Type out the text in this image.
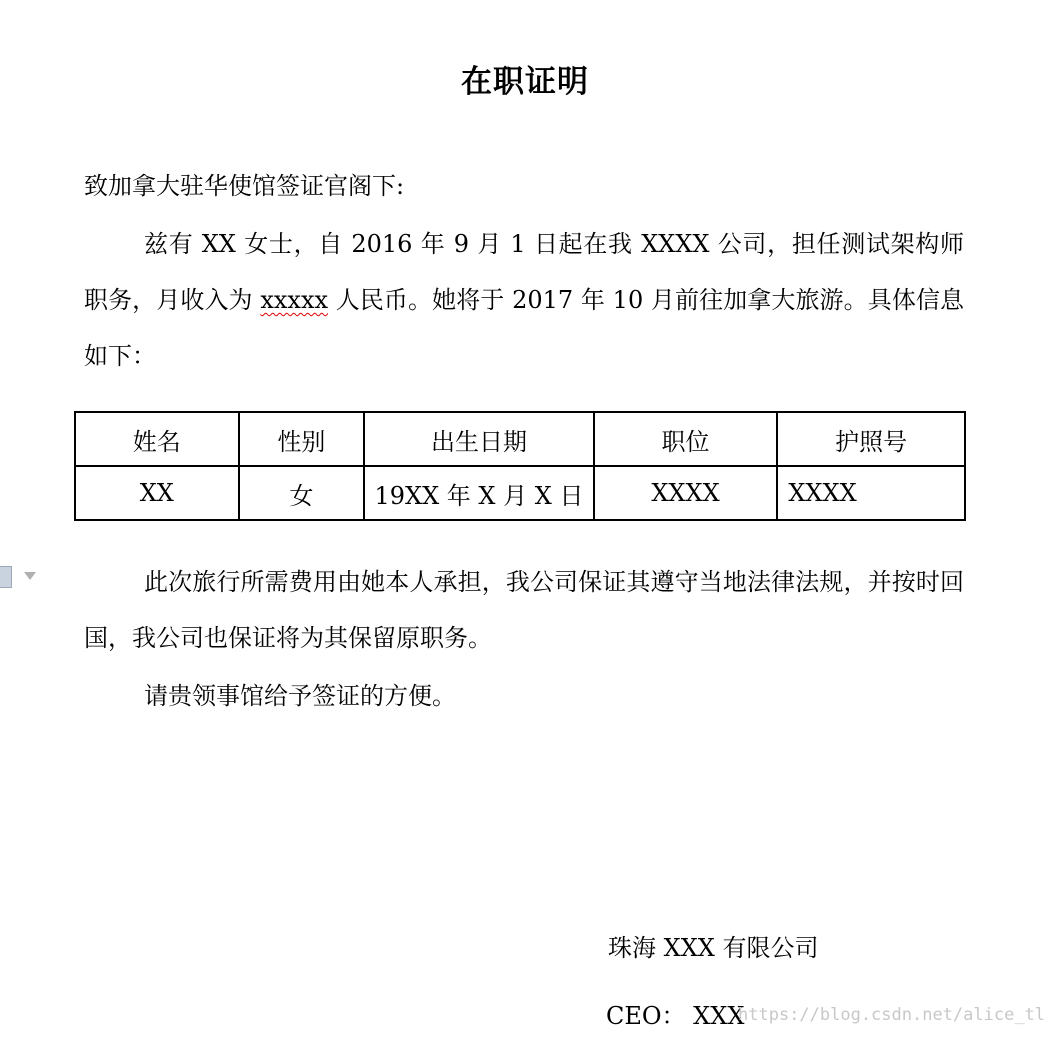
在职证明

致加拿大驻华使馆签证官阁下:

兹有 XX 女士，自 2016 年 9 月 1 日起在我 XXXX 公司，担任测试架构师职务，月收入为 xxxxx 人民币。她将于 2017 年 10 月前往加拿大旅游。具体信息如下：

姓名	性别	出生日期	职位	护照号
XX	女	19XX 年 X 月 X 日	XXXX	XXXX

此次旅行所需费用由她本人承担，我公司保证其遵守当地法律法规，并按时回国，我公司也保证将为其保留原职务。

请贵领事馆给予签证的方便。

珠海 XXX 有限公司
CEO： XXX
https://blog.csdn.net/alice_tl
